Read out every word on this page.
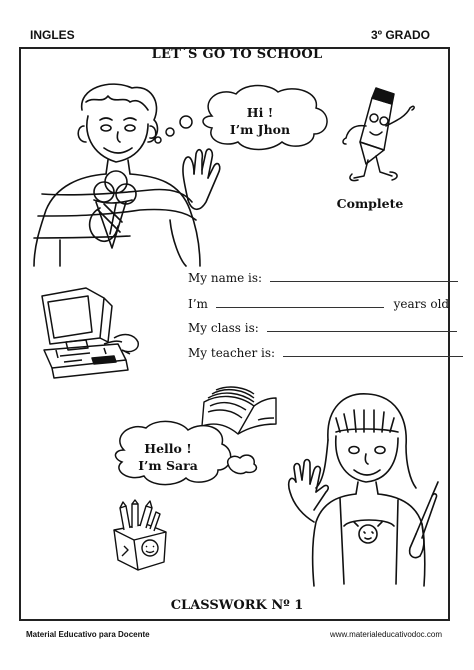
INGLES	3º GRADO
LET´S GO TO SCHOOL
Hi !
I’m Jhon
Complete
My name is:
I’m	years old
My class is:
My teacher is:
Hello !
I’m Sara
CLASSWORK Nº 1
Material Educativo para Docente	www.materialeducativodoc.com
